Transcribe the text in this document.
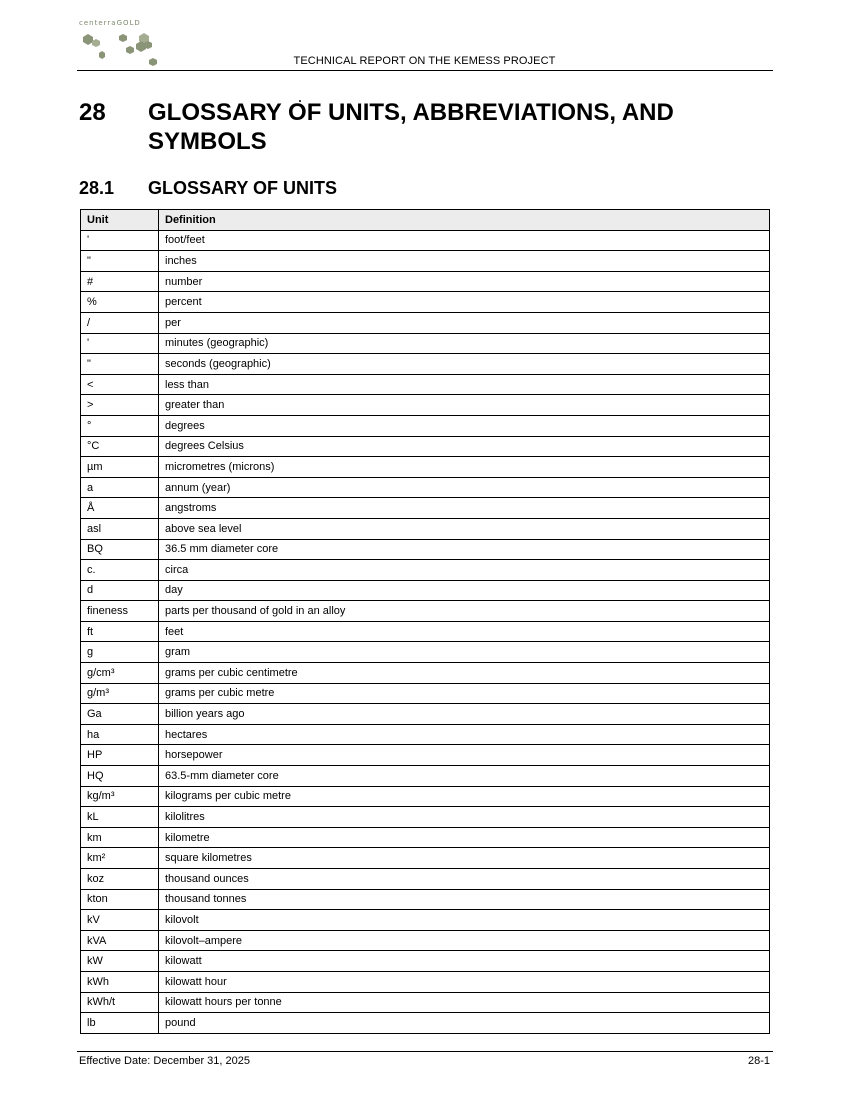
centerraGOLD
TECHNICAL REPORT ON THE KEMESS PROJECT
28 GLOSSARY OF UNITS, ABBREVIATIONS, AND SYMBOLS
28.1 GLOSSARY OF UNITS
Unit	Definition
'	foot/feet
"	inches
#	number
%	percent
/	per
'	minutes (geographic)
"	seconds (geographic)
<	less than
>	greater than
°	degrees
°C	degrees Celsius
µm	micrometres (microns)
a	annum (year)
Å	angstroms
asl	above sea level
BQ	36.5 mm diameter core
c.	circa
d	day
fineness	parts per thousand of gold in an alloy
ft	feet
g	gram
g/cm³	grams per cubic centimetre
g/m³	grams per cubic metre
Ga	billion years ago
ha	hectares
HP	horsepower
HQ	63.5-mm diameter core
kg/m³	kilograms per cubic metre
kL	kilolitres
km	kilometre
km²	square kilometres
koz	thousand ounces
kton	thousand tonnes
kV	kilovolt
kVA	kilovolt–ampere
kW	kilowatt
kWh	kilowatt hour
kWh/t	kilowatt hours per tonne
lb	pound
Effective Date: December 31, 2025	28-1
